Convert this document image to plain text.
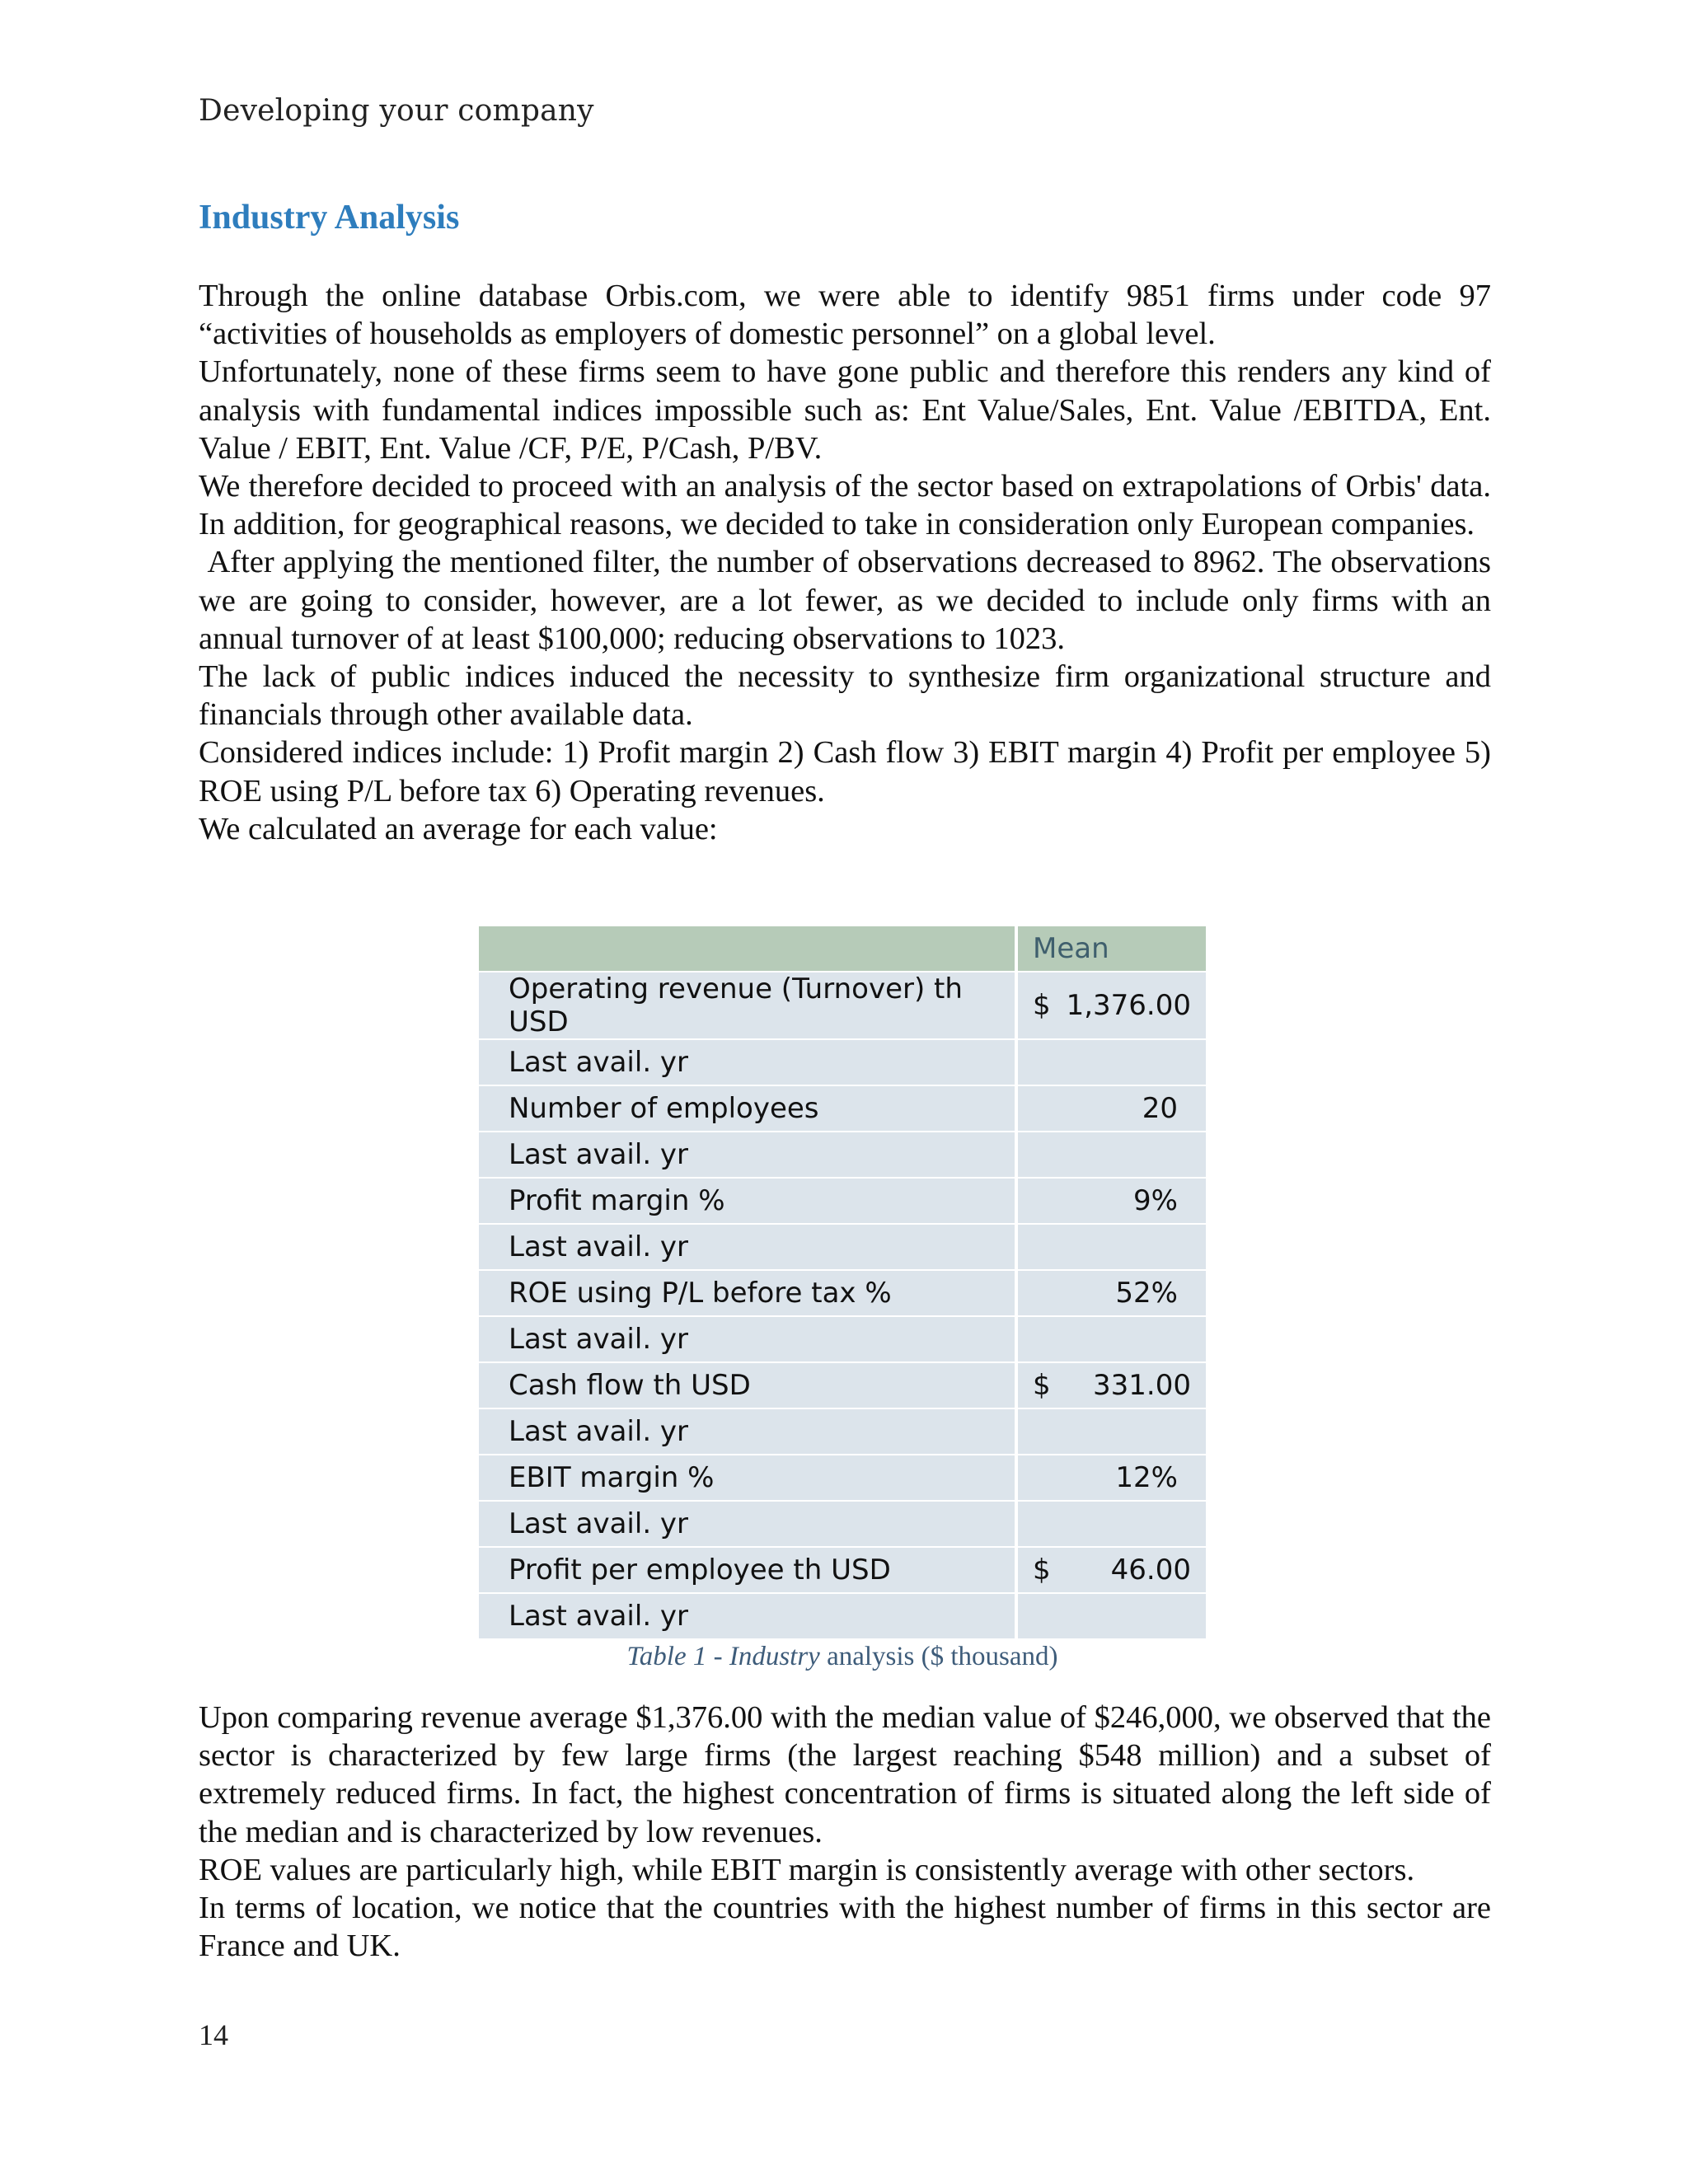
Developing your company
Industry Analysis

Through the online database Orbis.com, we were able to identify 9851 firms under code 97 “activities of households as employers of domestic personnel” on a global level.

Unfortunately, none of these firms seem to have gone public and therefore this renders any kind of analysis with fundamental indices impossible such as: Ent Value/Sales, Ent. Value /EBITDA, Ent. Value / EBIT, Ent. Value /CF, P/E, P/Cash, P/BV.

We therefore decided to proceed with an analysis of the sector based on extrapolations of Orbis' data. In addition, for geographical reasons, we decided to take in consideration only European companies.

After applying the mentioned filter, the number of observations decreased to 8962. The observations we are going to consider, however, are a lot fewer, as we decided to include only firms with an annual turnover of at least $100,000; reducing observations to 1023.

The lack of public indices induced the necessity to synthesize firm organizational structure and financials through other available data.

Considered indices include: 1) Profit margin 2) Cash flow 3) EBIT margin 4) Profit per employee 5) ROE using P/L before tax 6) Operating revenues.

We calculated an average for each value:

	Mean
Operating revenue (Turnover) th USD	$ 1,376.00

Last avail. yr	

Number of employees	20

Last avail. yr	

Profit margin %	9%

Last avail. yr	

ROE using P/L before tax %	52%

Last avail. yr	

Cash flow th USD	$ 331.00

Last avail. yr	

EBIT margin %	12%

Last avail. yr	

Profit per employee th USD	$ 46.00

Last avail. yr	
Table 1 - Industry analysis ($ thousand)

Upon comparing revenue average $1,376.00 with the median value of $246,000, we observed that the sector is characterized by few large firms (the largest reaching $548 million) and a subset of extremely reduced firms. In fact, the highest concentration of firms is situated along the left side of the median and is characterized by low revenues.

ROE values are particularly high, while EBIT margin is consistently average with other sectors.

In terms of location, we notice that the countries with the highest number of firms in this sector are France and UK.

14
